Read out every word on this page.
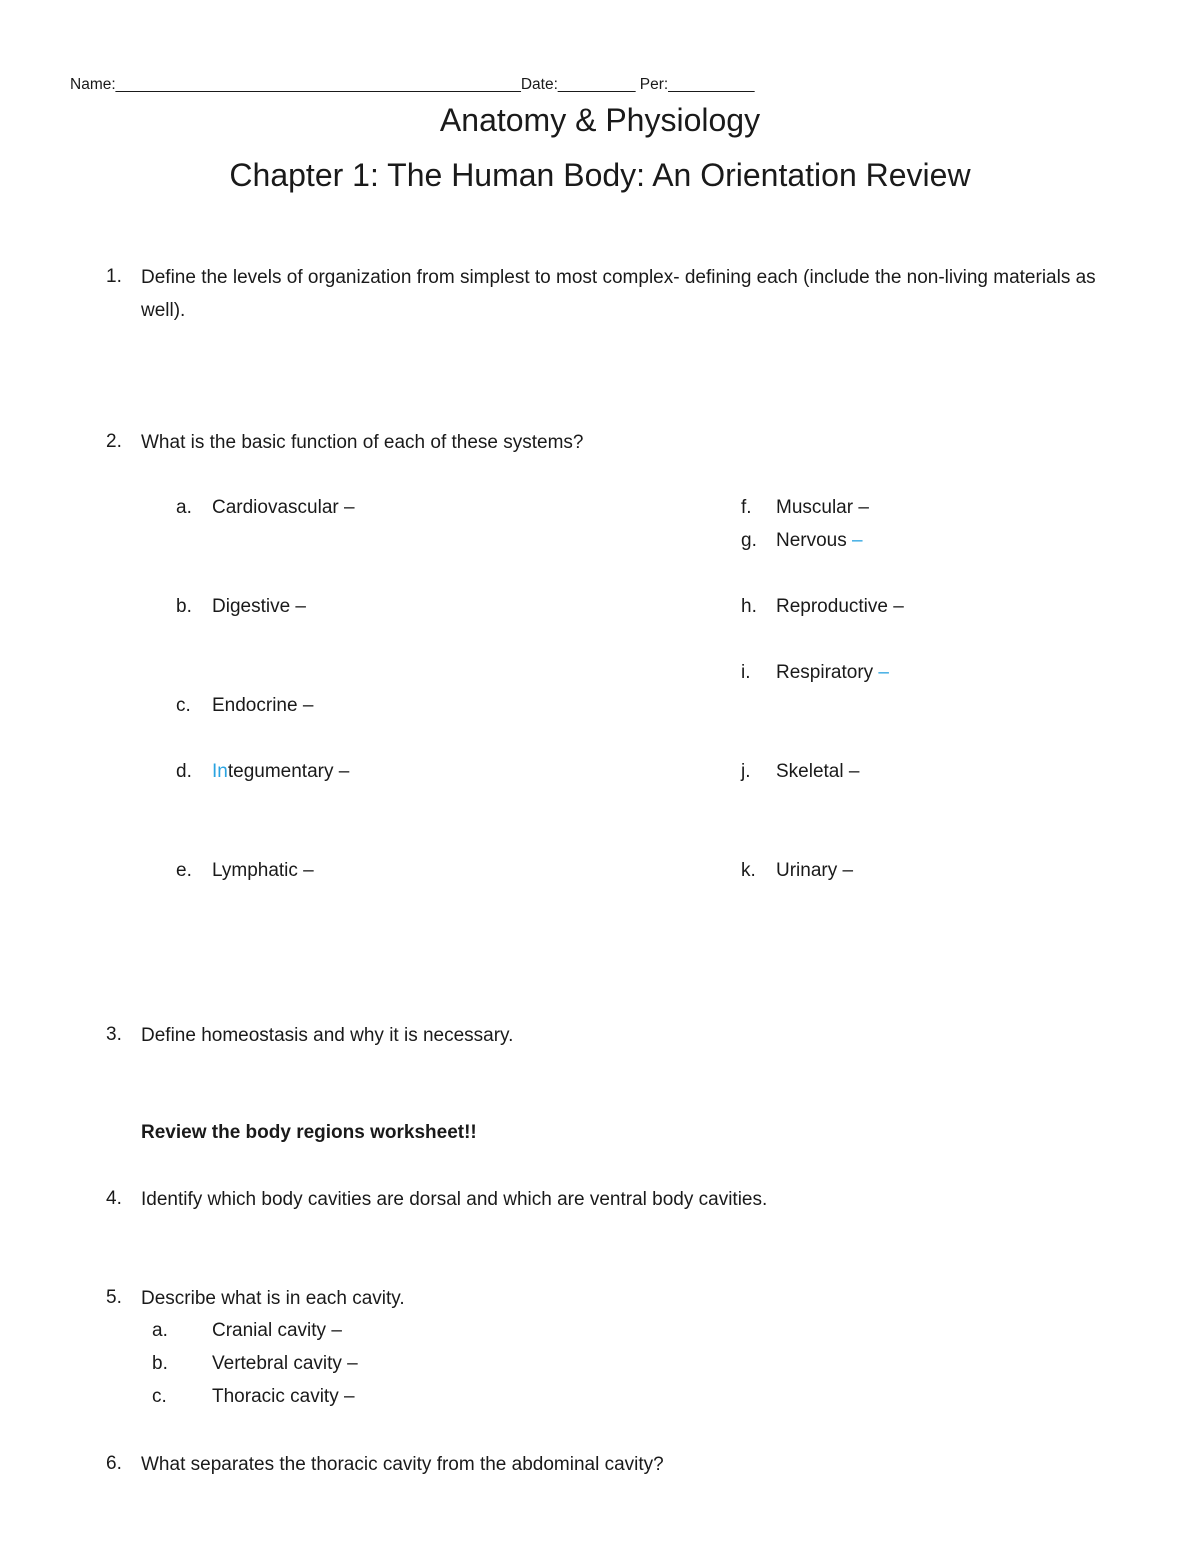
Name:_______________________________________________Date:_________ Per:__________
Anatomy & Physiology
Chapter 1: The Human Body: An Orientation Review
1. Define the levels of organization from simplest to most complex- defining each (include the non-living materials as well).
2. What is the basic function of each of these systems?
a. Cardiovascular –
b. Digestive –
c. Endocrine –
d. Integumentary –
e. Lymphatic –
f. Muscular –
g. Nervous –
h. Reproductive –
i. Respiratory –
j. Skeletal –
k. Urinary –
3. Define homeostasis and why it is necessary.
Review the body regions worksheet!!
4. Identify which body cavities are dorsal and which are ventral body cavities.
5. Describe what is in each cavity.
a. Cranial cavity –
b. Vertebral cavity –
c. Thoracic cavity –
6. What separates the thoracic cavity from the abdominal cavity?
